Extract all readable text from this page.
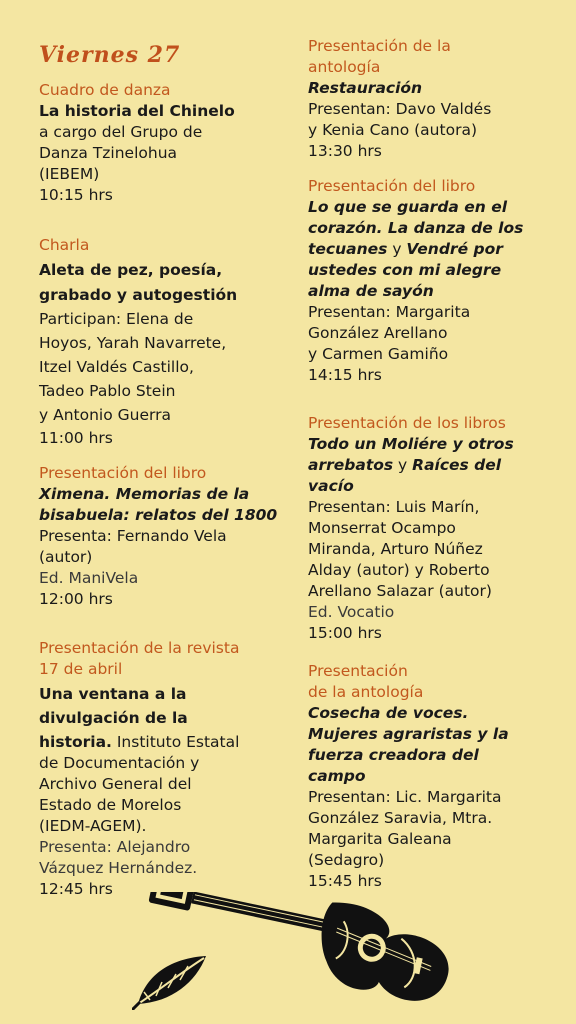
Viernes 27
Cuadro de danza
La historia del Chinelo
a cargo del Grupo de
Danza Tzinelohua
(IEBEM)
10:15 hrs
Charla
Aleta de pez, poesía,
grabado y autogestión
Participan: Elena de
Hoyos, Yarah Navarrete,
Itzel Valdés Castillo,
Tadeo Pablo Stein
y Antonio Guerra
11:00 hrs
Presentación del libro
Ximena. Memorias de la
bisabuela: relatos del 1800
Presenta: Fernando Vela
(autor)
Ed. ManiVela
12:00 hrs
Presentación de la revista
17 de abril
Una ventana a la
divulgación de la
historia. Instituto Estatal
de Documentación y
Archivo General del
Estado de Morelos
(IEDM-AGEM).
Presenta: Alejandro
Vázquez Hernández.
12:45 hrs
Presentación de la
antología
Restauración
Presentan: Davo Valdés
y Kenia Cano (autora)
13:30 hrs
Presentación del libro
Lo que se guarda en el
corazón. La danza de los
tecuanes y Vendré por
ustedes con mi alegre
alma de sayón
Presentan: Margarita
González Arellano
y Carmen Gamiño
14:15 hrs
Presentación de los libros
Todo un Moliére y otros
arrebatos y Raíces del
vacío
Presentan: Luis Marín,
Monserrat Ocampo
Miranda, Arturo Núñez
Alday (autor) y Roberto
Arellano Salazar (autor)
Ed. Vocatio
15:00 hrs
Presentación
de la antología
Cosecha de voces.
Mujeres agraristas y la
fuerza creadora del
campo
Presentan: Lic. Margarita
González Saravia, Mtra.
Margarita Galeana
(Sedagro)
15:45 hrs
